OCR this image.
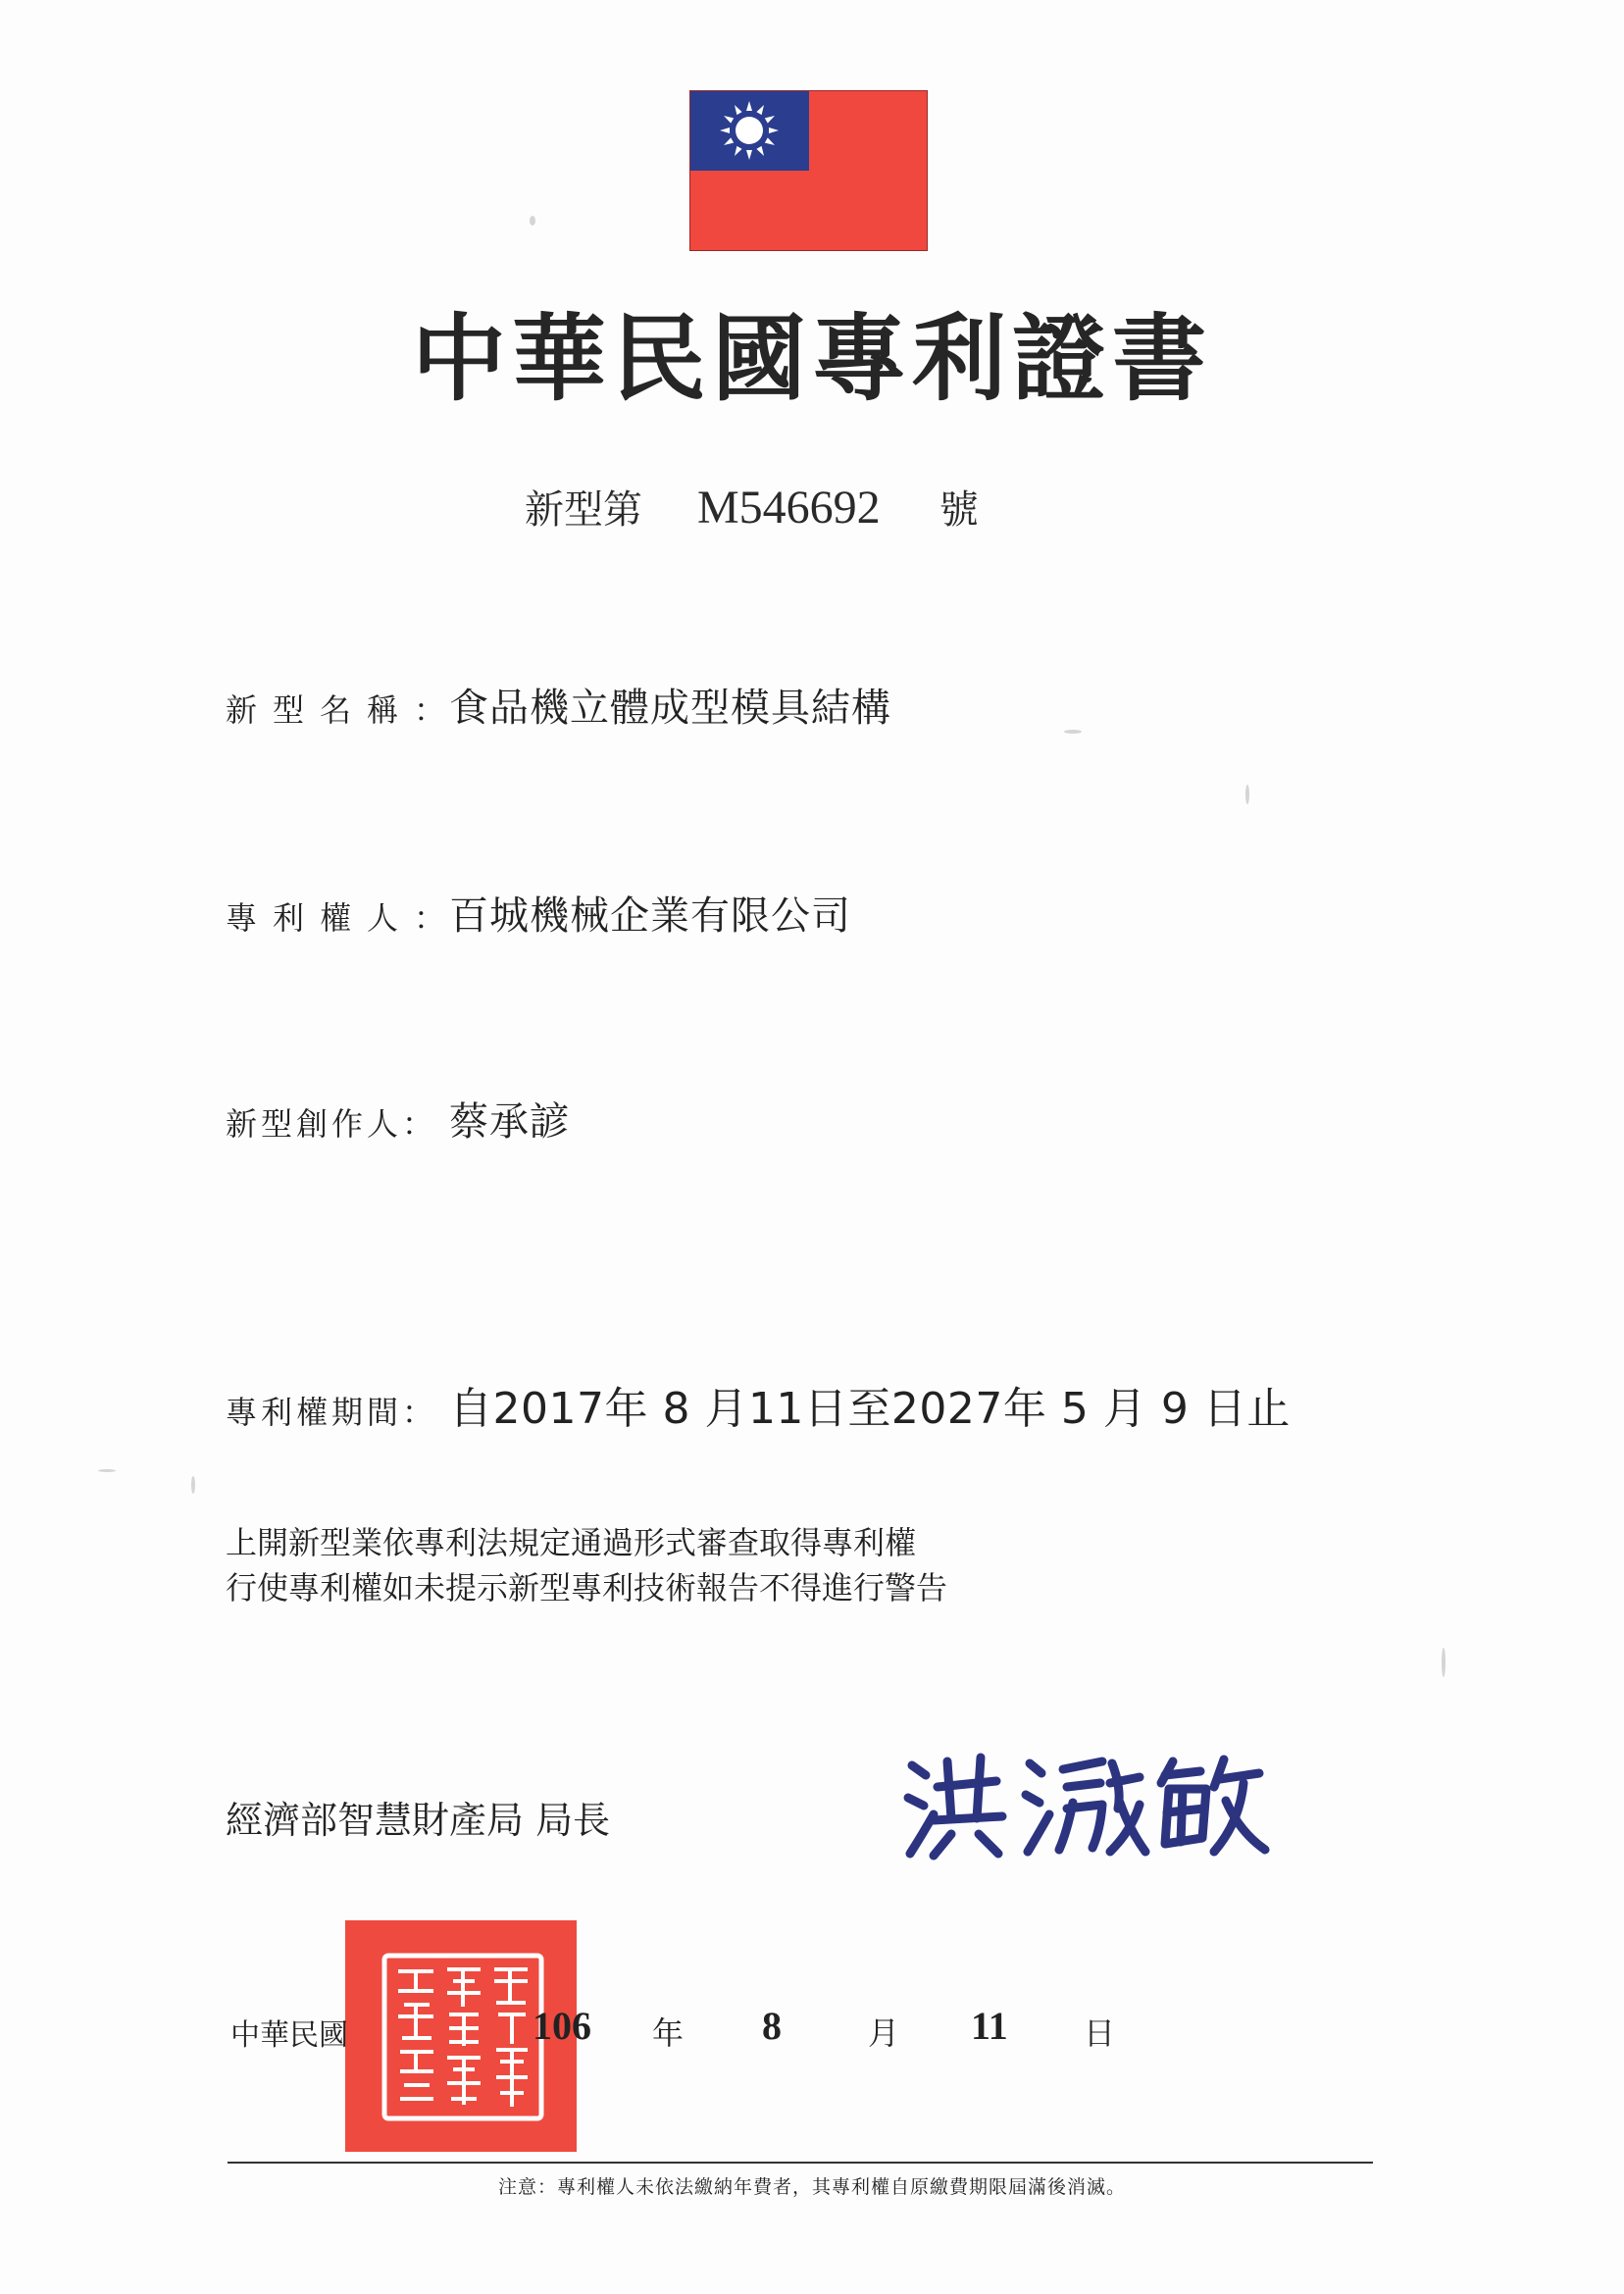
中華民國專利證書
新型第 M546692 號
新型名稱：食品機立體成型模具結構
專利權人：百城機械企業有限公司
新型創作人： 蔡承諺
專利權期間： 自2017年 8 月11日至2027年 5 月 9 日止
上開新型業依專利法規定通過形式審查取得專利權
行使專利權如未提示新型專利技術報告不得進行警告
經濟部智慧財產局 局長
中華民國	106 年 8	月 11 日
注意：專利權人未依法繳納年費者，其專利權自原繳費期限屆滿後消滅。
